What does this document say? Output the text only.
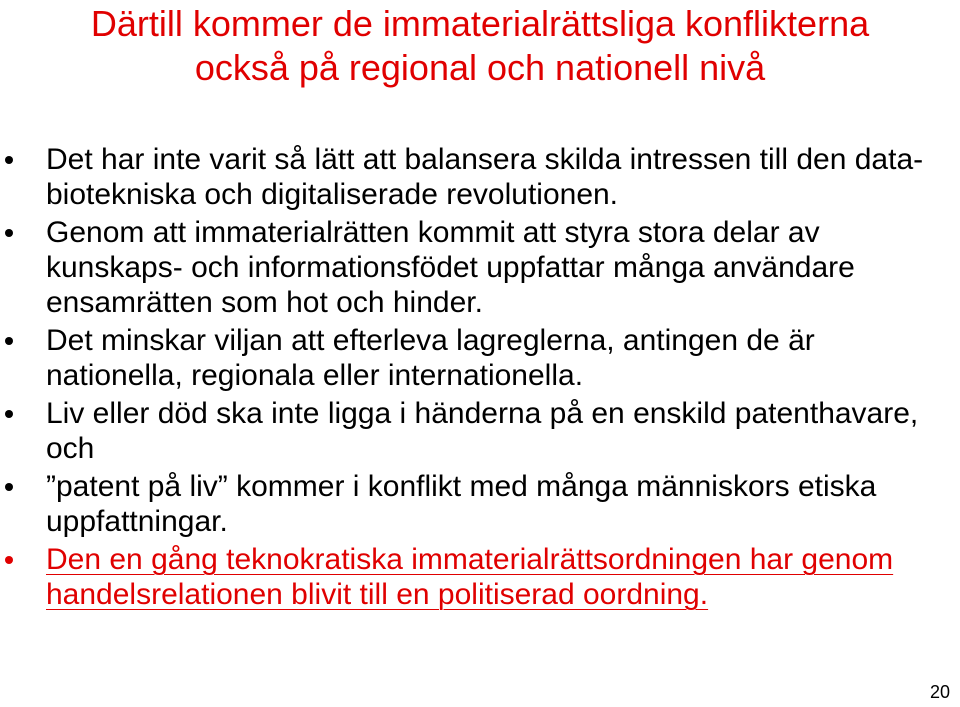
Därtill kommer de immaterialrättsliga konflikterna
också på regional och nationell nivå
Det har inte varit så lätt att balansera skilda intressen till den data- biotekniska och digitaliserade revolutionen.
Genom att immaterialrätten kommit att styra stora delar av kunskaps- och informationsfödet uppfattar många användare ensamrätten som hot och hinder.
Det minskar viljan att efterleva lagreglerna, antingen de är nationella, regionala eller internationella.
Liv eller död ska inte ligga i händerna på en enskild patenthavare, och
”patent på liv” kommer i konflikt med många människors etiska uppfattningar.
Den en gång teknokratiska immaterialrättsordningen har genom handelsrelationen blivit till en politiserad oordning.
20
